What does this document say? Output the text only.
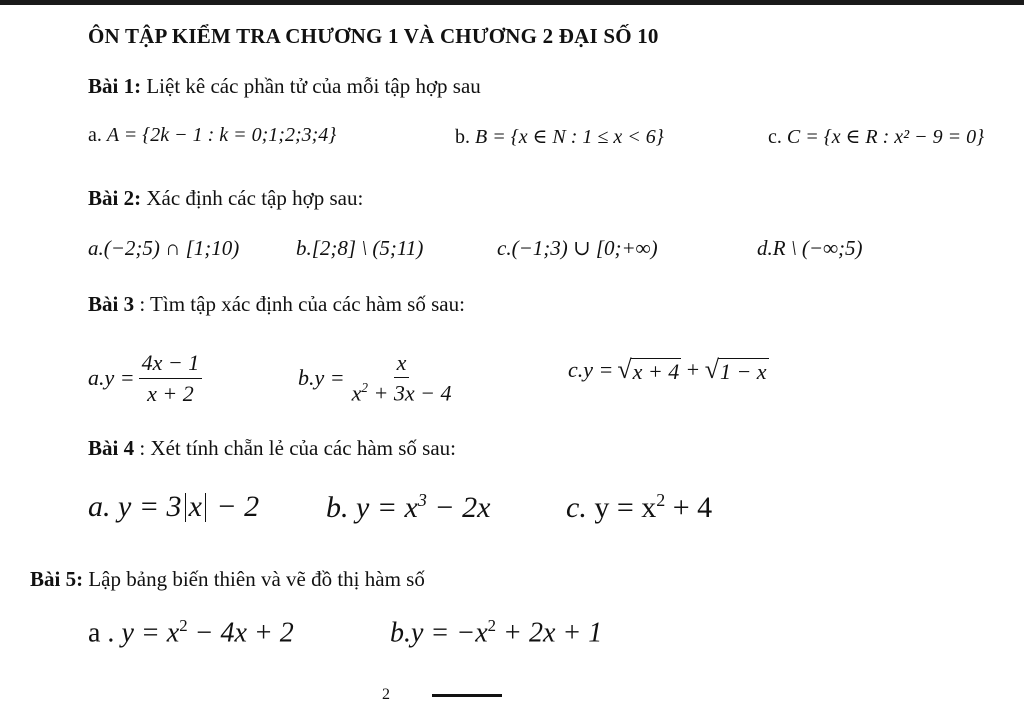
ÔN TẬP KIỂM TRA CHƯƠNG 1 VÀ CHƯƠNG 2 ĐẠI SỐ 10
Bài 1: Liệt kê các phần tử của mỗi tập hợp sau
a. A = {2k − 1 : k = 0;1;2;3;4}	b. B = {x ∈ N : 1 ≤ x < 6}	c. C = {x ∈ R : x² − 9 = 0}
Bài 2: Xác định các tập hợp sau:
a.(−2;5) ∩ [1;10)	b.[2;8] \ (5;11)	c.(−1;3) ∪ [0;+∞)	d.R \ (−∞;5)
Bài 3 : Tìm tập xác định của các hàm số sau:
a. $y = \frac{4x - 1}{x + 2}$	b. $y = \frac{x}{x^2 + 3x - 4}$	c. y = √ x + 4 + √ 1 − x
Bài 4 : Xét tính chẵn lẻ của các hàm số sau:
a. y = 3 x − 2 b. $y = x^3 - 2x$	c. $y = x^2 + 4$
Bài 5: Lập bảng biến thiên và vẽ đồ thị hàm số
a . $y = x^2 - 4x + 2$	$b.y = -x^2 + 2x + 1$
2
